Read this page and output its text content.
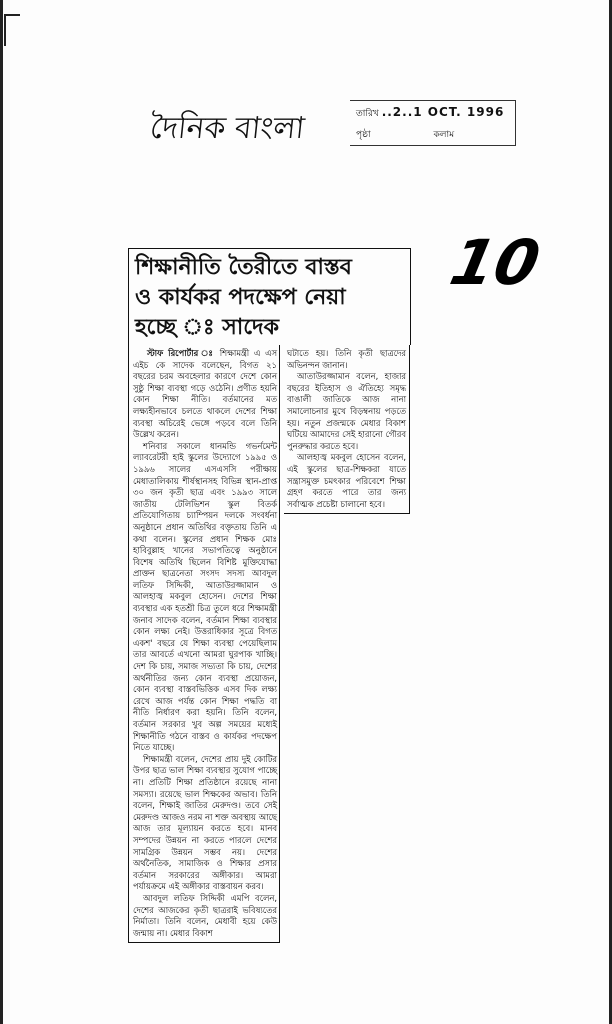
দৈনিক বাংলা	তারিখ ..2..1 OCT. 1996
পৃষ্ঠা	কলাম
10
শিক্ষানীতি তৈরীতে বাস্তব ও কার্যকর পদক্ষেপ নেয়া হচ্ছে ঃ সাদেক

স্টাফ রিপোর্টার ঃ শিক্ষামন্ত্রী এ এস এইচ কে সাদেক বলেছেন, বিগত ২১ বছরের চরম অবহেলার কারণে দেশে কোন সুষ্ঠু শিক্ষা ব্যবস্থা গড়ে ওঠেনি। প্রণীত হয়নি কোন শিক্ষা নীতি। বর্তমানের মত লক্ষ্যহীনভাবে চলতে থাকলে দেশের শিক্ষা ব্যবস্থা অচিরেই ভেঙ্গে পড়বে বলে তিনি উল্লেখ করেন।

শনিবার সকালে ধানমন্ডি গভর্নমেন্ট ল্যাবরেটরী হাই স্কুলের উদ্যোগে ১৯৯৫ ও ১৯৯৬ সালের এসএসসি পরীক্ষায় মেধাতালিকায় শীর্ষস্থানসহ বিভিন্ন স্থান-প্রাপ্ত ৩০ জন কৃতী ছাত্র এবং ১৯৯৩ সালে জাতীয় টেলিভিশন স্কুল বিতর্ক প্রতিযোগিতায় চ্যাম্পিয়ন দলকে সংবর্ধনা অনুষ্ঠানে প্রধান অতিথির বক্তৃতায় তিনি এ কথা বলেন। স্কুলের প্রধান শিক্ষক মোঃ হাবিবুল্লাহ খানের সভাপতিত্বে অনুষ্ঠানে বিশেষ অতিথি ছিলেন বিশিষ্ট মুক্তিযোদ্ধা প্রাক্তন ছাত্রনেতা সংসদ সদস্য আবদুল লতিফ সিদ্দিকী, আতাউরজ্জামান ও আলহাজ্ব মকবুল হোসেন। দেশের শিক্ষা ব্যবস্থার এক হতশ্রী চিত্র তুলে ধরে শিক্ষামন্ত্রী জনাব সাদেক বলেন, বর্তমান শিক্ষা ব্যবস্থার কোন লক্ষ্য নেই। উত্তরাধিকার সূত্রে বিগত একশ' বছরে যে শিক্ষা ব্যবস্থা পেয়েছিলাম তার আবর্তে এখনো আমরা ঘুরপাক খাচ্ছি। দেশ কি চায়, সমাজ সভ্যতা কি চায়, দেশের অর্থনীতির জন্য কোন ব্যবস্থা প্রয়োজন, কোন ব্যবস্থা বাস্তবভিত্তিক এসব দিক লক্ষ্য রেখে আজ পর্যন্ত কোন শিক্ষা পদ্ধতি বা নীতি নির্ধারণ করা হয়নি। তিনি বলেন, বর্তমান সরকার খুব অল্প সময়ের মধ্যেই শিক্ষানীতি গঠনে বাস্তব ও কার্যকর পদক্ষেপ নিতে যাচ্ছে।

শিক্ষামন্ত্রী বলেন, দেশের প্রায় দুই কোটির উপর ছাত্র ভাল শিক্ষা ব্যবস্থার সুযোগ পাচ্ছে না। প্রতিটি শিক্ষা প্রতিষ্ঠানে রয়েছে নানা সমস্যা। রয়েছে ভাল শিক্ষকের অভাব। তিনি বলেন, শিক্ষাই জাতির মেরুদণ্ড। তবে সেই মেরুদণ্ড আজও নরম না শক্ত অবস্থায় আছে আজ তার মূল্যায়ন করতে হবে। মানব সম্পদের উন্নয়ন না করতে পারলে দেশের সামগ্রিক উন্নয়ন সম্ভব নয়। দেশের অর্থনৈতিক, সামাজিক ও শিক্ষার প্রসার বর্তমান সরকারের অঙ্গীকার। আমরা পর্যায়ক্রমে এই অঙ্গীকার বাস্তবায়ন করব।

আবদুল লতিফ সিদ্দিকী এমপি বলেন, দেশের আজকের কৃতী ছাত্ররাই ভবিষ্যতের নির্মাতা। তিনি বলেন, মেধাবী হয়ে কেউ জন্মায় না। মেধার বিকাশ

ঘটাতে হয়। তিনি কৃতী ছাত্রদের অভিনন্দন জানান।

আতাউরজ্জামান বলেন, হাজার বছরের ইতিহাস ও ঐতিহ্যে সমৃদ্ধ বাঙালী জাতিকে আজ নানা সমালোচনার মুখে বিড়ম্বনায় পড়তে হয়। নতুন প্রজন্মকে মেধার বিকাশ ঘটিয়ে আমাদের সেই হারানো গৌরব পুনরুদ্ধার করতে হবে।

আলহাজ্ব মকবুল হোসেন বলেন, এই স্কুলের ছাত্র-শিক্ষকরা যাতে সন্ত্রাসমুক্ত চমৎকার পরিবেশে শিক্ষা গ্রহণ করতে পারে তার জন্য সর্বাত্মক প্রচেষ্টা চালানো হবে।
